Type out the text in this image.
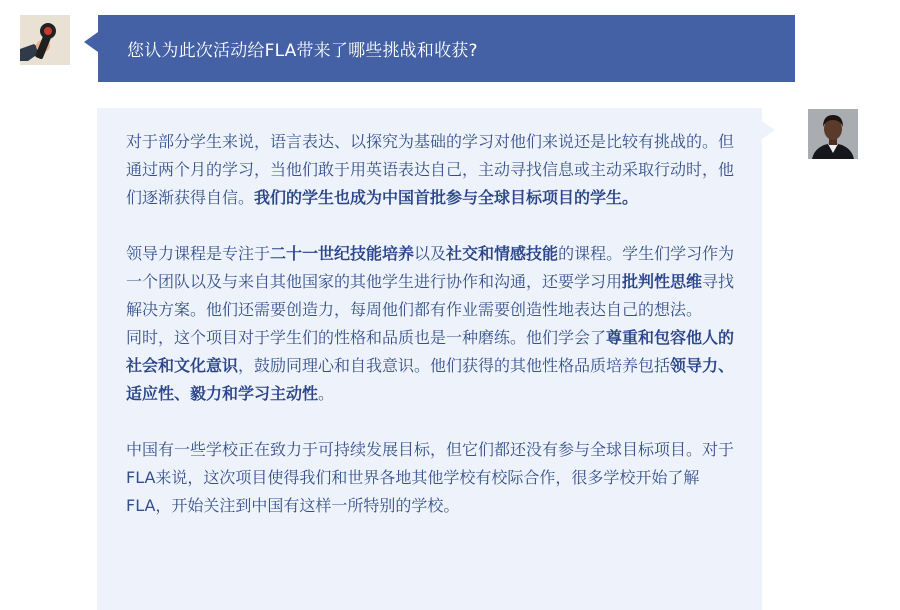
您认为此次活动给FLA带来了哪些挑战和收获?

对于部分学生来说，语言表达、以探究为基础的学习对他们来说还是比较有挑战的。但通过两个月的学习，当他们敢于用英语表达自己，主动寻找信息或主动采取行动时，他们逐渐获得自信。我们的学生也成为中国首批参与全球目标项目的学生。

领导力课程是专注于二十一世纪技能培养以及社交和情感技能的课程。学生们学习作为一个团队以及与来自其他国家的其他学生进行协作和沟通，还要学习用批判性思维寻找解决方案。他们还需要创造力，每周他们都有作业需要创造性地表达自己的想法。

同时，这个项目对于学生们的性格和品质也是一种磨练。他们学会了尊重和包容他人的社会和文化意识，鼓励同理心和自我意识。他们获得的其他性格品质培养包括领导力、适应性、毅力和学习主动性。

中国有一些学校正在致力于可持续发展目标，但它们都还没有参与全球目标项目。对于FLA来说，这次项目使得我们和世界各地其他学校有校际合作，很多学校开始了解FLA，开始关注到中国有这样一所特别的学校。
